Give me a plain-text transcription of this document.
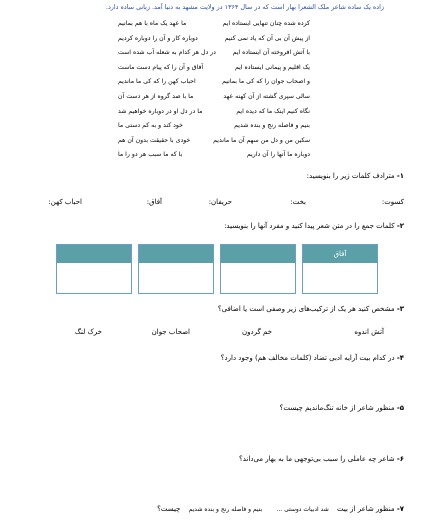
زاده یک ساده شاعر ملک الشعرا بهار است که در سال ۱۳۶۴ در ولایت مشهد به دنیا آمد. زبانی ساده دارد.
کرده شده چنان تنهایی ایستاده ایم
ما عهد یک ماه با هم بمانیم
از پیش آن بی آن که یاد نمی کنیم
دوباره کار و آن را دوباره کردیم
با آتش افروخته آن ایستاده ایم
در دل هر کدام به شعله آب شده است
یک اقلیم و پیمانی ایستاده ایم
آفاق و آن را که پیام دست ماست
و اصحاب جوان را که کی ما بمانیم
احباب کهن را که کی ما ماندیم
سالی سپری گشته از آن کهنه عهد
ما با صد گروه از هر دست آن
نگاه کنیم اینک ما که دیده ایم
ما در دل او در دوباره خواهیم شد
بنیم و فاصله رنج و بنده شدیم
خود کند و به کم دستی ما
سکین من و دل من سهم آن ما ماندیم
خودی با حقیقت بدون آن هم
دوباره ما آنها را آن داریم
با که ما سبب هر دو را ما
۱- مترادف کلمات زیر را بنویسید:
کسوت:
بخت:
حریفان:
آفاق:
احباب کهن:
۲- کلمات جمع را در متن شعر پیدا کنید و مفرد آنها را بنویسید:
آفاق
۳- مشخص کنید هر یک از ترکیب‌های زیر وصفی است یا اضافی؟
آتش اندوه
خم گردون
اصحاب جوان
خرک لنگ
۴- در کدام بیت آرایه ادبی تضاد (کلمات مخالف هم) وجود دارد؟
۵- منظور شاعر از خانه تنگ‌ماندیم چیست؟
۶- شاعر چه عاملی را سبب بی‌توجهی ما به بهار می‌داند؟
۷- منظور شاعر از بیت شد ادبیات دوستی ... بنیم و فاصله رنج و بنده شدیم چیست؟
